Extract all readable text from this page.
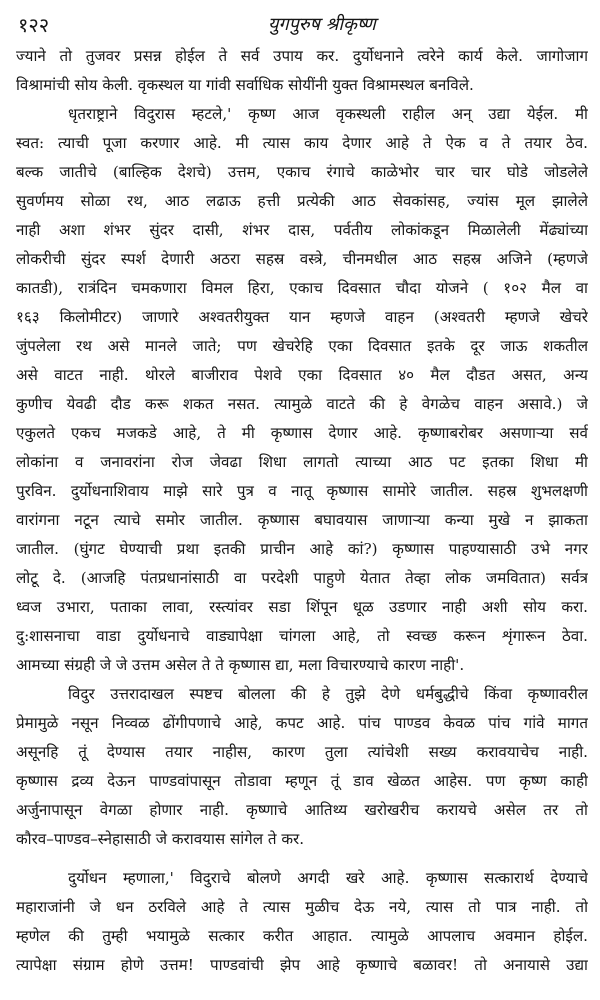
१२२	युगपुरुष श्रीकृष्ण
ज्याने तो तुजवर प्रसन्न होईल ते सर्व उपाय कर. दुर्योधनाने त्वरेने कार्य केले. जागोजाग
विश्रामांची सोय केली. वृकस्थल या गांवी सर्वाधिक सोयींनी युक्त विश्रामस्थल बनविले.
धृतराष्ट्राने विदुरास म्हटले,' कृष्ण आज वृकस्थली राहील अन् उद्या येईल. मी
स्वत: त्याची पूजा करणार आहे. मी त्यास काय देणार आहे ते ऐक व ते तयार ठेव.
बल्क जातीचे (बाल्हिक देशचे) उत्तम, एकाच रंगाचे काळेभोर चार चार घोडे जोडलेले
सुवर्णमय सोळा रथ, आठ लढाऊ हत्ती प्रत्येकी आठ सेवकांसह, ज्यांस मूल झालेले
नाही अशा शंभर सुंदर दासी, शंभर दास, पर्वतीय लोकांकडून मिळालेली मेंढ्यांच्या
लोकरीची सुंदर स्पर्श देणारी अठरा सहस्र वस्त्रे, चीनमधील आठ सहस्र अजिने (म्हणजे
कातडी), रात्रंदिन चमकणारा विमल हिरा, एकाच दिवसात चौदा योजने ( १०२ मैल वा
१६३ किलोमीटर) जाणारे अश्वतरीयुक्त यान म्हणजे वाहन (अश्वतरी म्हणजे खेचरे
जुंपलेला रथ असे मानले जाते; पण खेचरेहि एका दिवसात इतके दूर जाऊ शकतील
असे वाटत नाही. थोरले बाजीराव पेशवे एका दिवसात ४० मैल दौडत असत, अन्य
कुणीच येवढी दौड करू शकत नसत. त्यामुळे वाटते की हे वेगळेच वाहन असावे.) जे
एकुलते एकच मजकडे आहे, ते मी कृष्णास देणार आहे. कृष्णाबरोबर असणाऱ्या सर्व
लोकांना व जनावरांना रोज जेवढा शिधा लागतो त्याच्या आठ पट इतका शिधा मी
पुरविन. दुर्योधनाशिवाय माझे सारे पुत्र व नातू कृष्णास सामोरे जातील. सहस्र शुभलक्षणी
वारांगना नटून त्याचे समोर जातील. कृष्णास बघावयास जाणाऱ्या कन्या मुखे न झाकता
जातील. (घुंगट घेण्याची प्रथा इतकी प्राचीन आहे कां?) कृष्णास पाहण्यासाठी उभे नगर
लोटू दे. (आजहि पंतप्रधानांसाठी वा परदेशी पाहुणे येतात तेव्हा लोक जमवितात) सर्वत्र
ध्वज उभारा, पताका लावा, रस्त्यांवर सडा शिंपून धूळ उडणार नाही अशी सोय करा.
दु:शासनाचा वाडा दुर्योधनाचे वाड्यापेक्षा चांगला आहे, तो स्वच्छ करून शृंगारून ठेवा.
आमच्या संग्रही जे जे उत्तम असेल ते ते कृष्णास द्या, मला विचारण्याचे कारण नाही'.
विदुर उत्तरादाखल स्पष्टच बोलला की हे तुझे देणे धर्मबुद्धीचे किंवा कृष्णावरील
प्रेमामुळे नसून निव्वळ ढोंगीपणाचे आहे, कपट आहे. पांच पाण्डव केवळ पांच गांवे मागत
असूनहि तूं देण्यास तयार नाहीस, कारण तुला त्यांचेशी सख्य करावयाचेच नाही.
कृष्णास द्रव्य देऊन पाण्डवांपासून तोडावा म्हणून तूं डाव खेळत आहेस. पण कृष्ण काही
अर्जुनापासून वेगळा होणार नाही. कृष्णाचे आतिथ्य खरोखरीच करायचे असेल तर तो
कौरव–पाण्डव–स्नेहासाठी जे करावयास सांगेल ते कर.
दुर्योधन म्हणाला,' विदुराचे बोलणे अगदी खरे आहे. कृष्णास सत्कारार्थ देण्याचे
महाराजांनी जे धन ठरविले आहे ते त्यास मुळीच देऊ नये, त्यास तो पात्र नाही. तो
म्हणेल की तुम्ही भयामुळे सत्कार करीत आहात. त्यामुळे आपलाच अवमान होईल.
त्यापेक्षा संग्राम होणे उत्तम! पाण्डवांची झेप आहे कृष्णाचे बळावर! तो अनायासे उद्या
